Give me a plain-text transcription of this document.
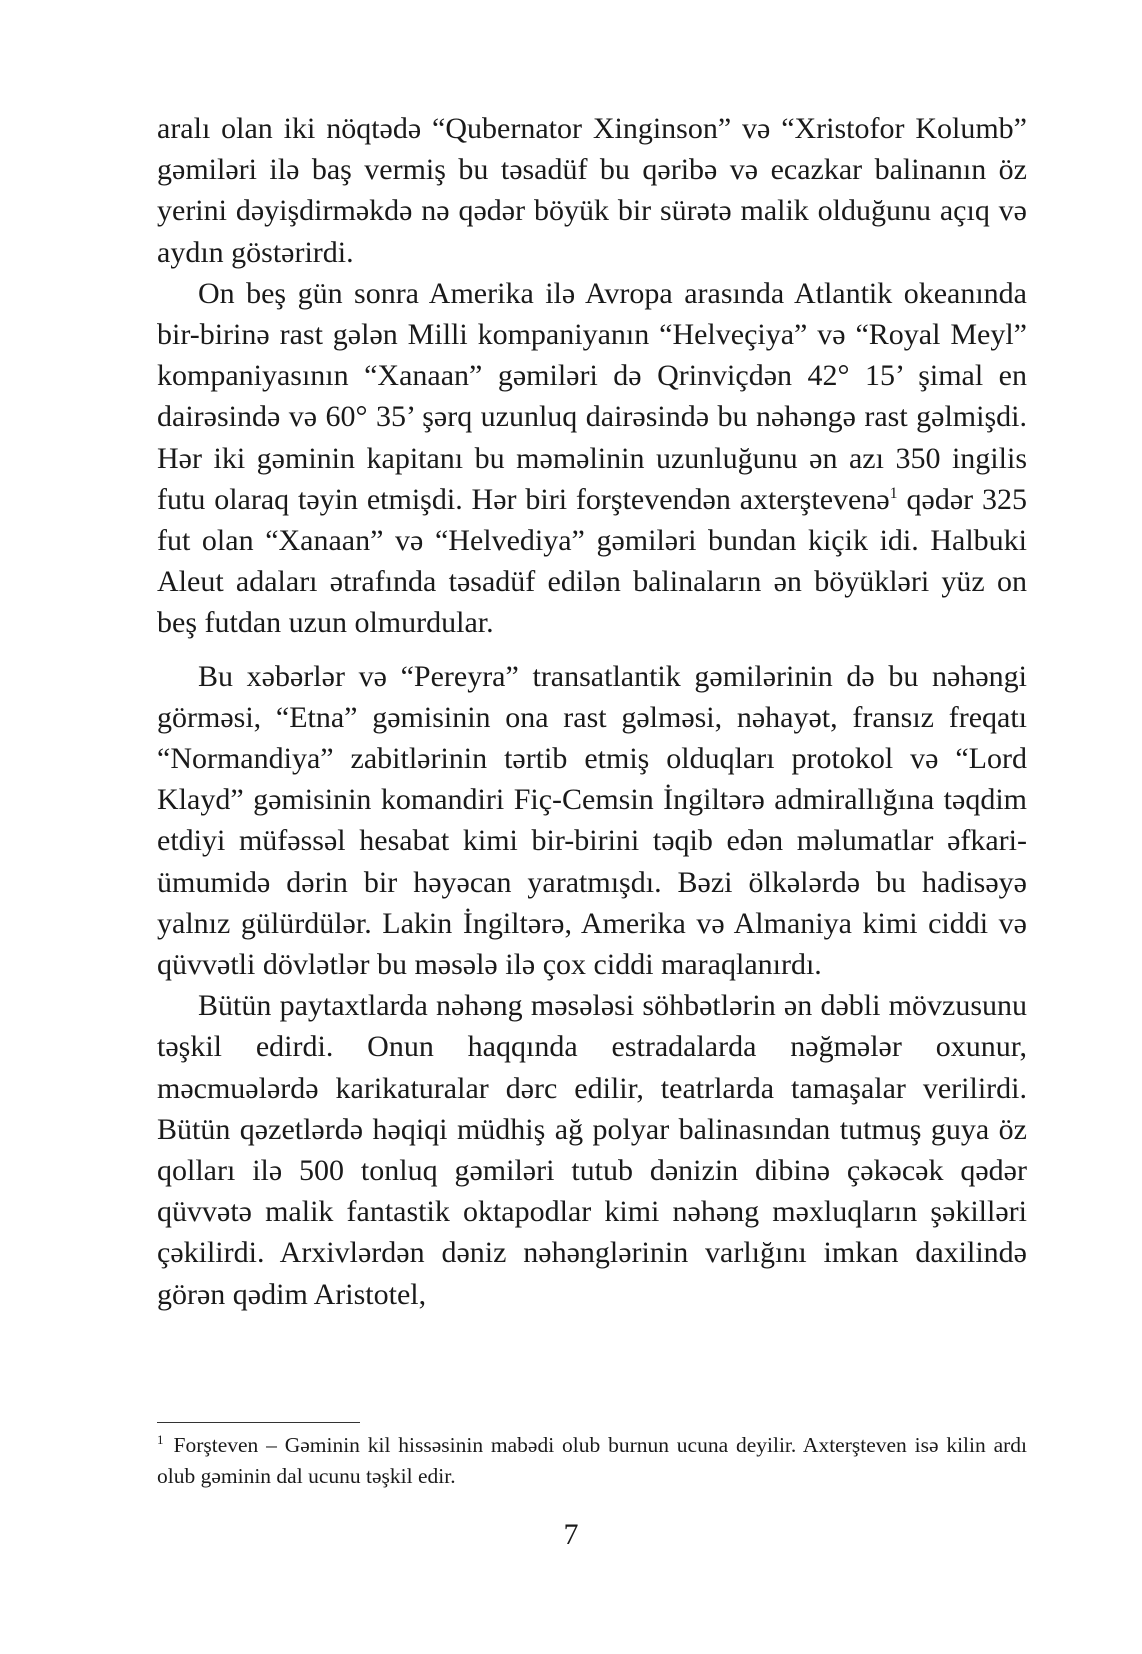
aralı olan iki nöqtədə “Qubernator Xinginson” və “Xristofor Kolumb” gəmiləri ilə baş vermiş bu təsadüf bu qəribə və ecazkar balinanın öz yerini dəyişdirməkdə nə qədər böyük bir sürətə malik olduğunu açıq və aydın göstərirdi.

On beş gün sonra Amerika ilə Avropa arasında Atlantik okeanında bir-birinə rast gələn Milli kompaniyanın “Helveçiya” və “Royal Meyl” kompaniyasının “Xanaan” gəmiləri də Qrinviçdən 42° 15’ şimal en dairəsində və 60° 35’ şərq uzunluq dairəsində bu nəhəngə rast gəlmişdi. Hər iki gəminin kapitanı bu məməlinin uzunluğunu ən azı 350 ingilis futu olaraq təyin etmişdi. Hər biri forştevendən axterştevenə$^1$ qədər 325 fut olan “Xanaan” və “Helvediya” gəmiləri bundan kiçik idi. Halbuki Aleut adaları ətrafında təsadüf edilən balinaların ən böyükləri yüz on beş futdan uzun olmurdular.

Bu xəbərlər və “Pereyra” transatlantik gəmilərinin də bu nəhəngi görməsi, “Etna” gəmisinin ona rast gəlməsi, nəhayət, fransız freqatı “Normandiya” zabitlərinin tərtib etmiş olduqları protokol və “Lord Klayd” gəmisinin komandiri Fiç-Cemsin İngiltərə admirallığına təqdim etdiyi müfəssəl hesabat kimi bir-birini təqib edən məlumatlar əfkari-ümumidə dərin bir həyəcan yaratmışdı. Bəzi ölkələrdə bu hadisəyə yalnız gülürdülər. Lakin İngiltərə, Amerika və Almaniya kimi ciddi və qüvvətli dövlətlər bu məsələ ilə çox ciddi maraqlanırdı.

Bütün paytaxtlarda nəhəng məsələsi söhbətlərin ən dəbli mövzusunu təşkil edirdi. Onun haqqında estradalarda nəğmələr oxunur, məcmuələrdə karikaturalar dərc edilir, teatrlarda tamaşalar verilirdi. Bütün qəzetlərdə həqiqi müdhiş ağ polyar balinasından tutmuş guya öz qolları ilə 500 tonluq gəmiləri tutub dənizin dibinə çəkəcək qədər qüvvətə malik fantastik oktapodlar kimi nəhəng məxluqların şəkilləri çəkilirdi. Arxivlərdən dəniz nəhənglərinin varlığını imkan daxilində görən qədim Aristotel,

$^1$ Forşteven – Gəminin kil hissəsinin mabədi olub burnun ucuna deyilir. Axterşteven isə kilin ardı olub gəminin dal ucunu təşkil edir.
7
